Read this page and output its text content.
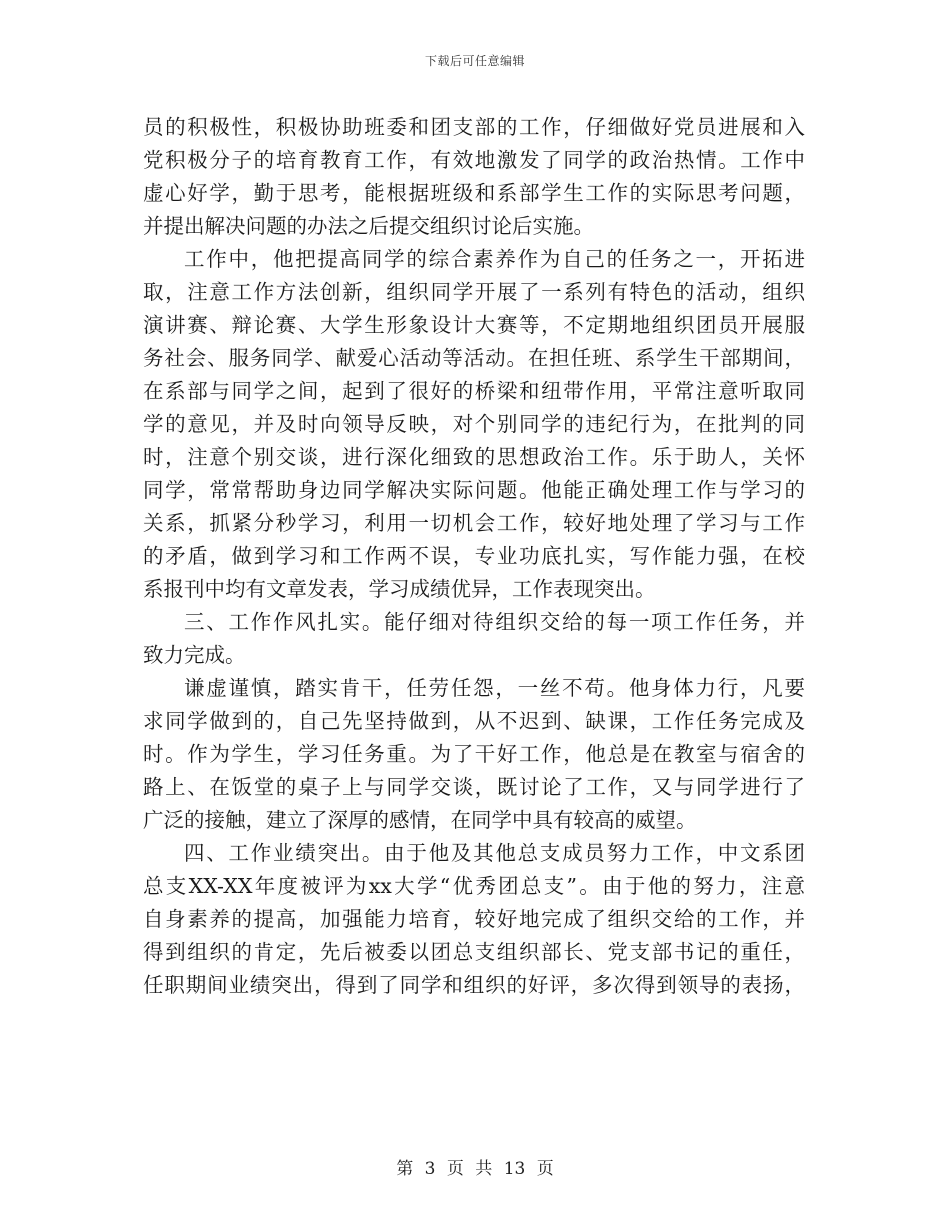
下载后可任意编辑
员的积极性，积极协助班委和团支部的工作，仔细做好党员进展和入
党积极分子的培育教育工作，有效地激发了同学的政治热情。工作中
虚心好学，勤于思考，能根据班级和系部学生工作的实际思考问题，
并提出解决问题的办法之后提交组织讨论后实施。
工作中，他把提高同学的综合素养作为自己的任务之一，开拓进
取，注意工作方法创新，组织同学开展了一系列有特色的活动，组织
演讲赛、辩论赛、大学生形象设计大赛等，不定期地组织团员开展服
务社会、服务同学、献爱心活动等活动。在担任班、系学生干部期间，
在系部与同学之间，起到了很好的桥梁和纽带作用，平常注意听取同
学的意见，并及时向领导反映，对个别同学的违纪行为，在批判的同
时，注意个别交谈，进行深化细致的思想政治工作。乐于助人，关怀
同学，常常帮助身边同学解决实际问题。他能正确处理工作与学习的
关系，抓紧分秒学习，利用一切机会工作，较好地处理了学习与工作
的矛盾，做到学习和工作两不误，专业功底扎实，写作能力强，在校
系报刊中均有文章发表，学习成绩优异，工作表现突出。
三、工作作风扎实。能仔细对待组织交给的每一项工作任务，并
致力完成。
谦虚谨慎，踏实肯干，任劳任怨，一丝不苟。他身体力行，凡要
求同学做到的，自己先坚持做到，从不迟到、缺课，工作任务完成及
时。作为学生，学习任务重。为了干好工作，他总是在教室与宿舍的
路上、在饭堂的桌子上与同学交谈，既讨论了工作，又与同学进行了
广泛的接触，建立了深厚的感情，在同学中具有较高的威望。
四、工作业绩突出。由于他及其他总支成员努力工作，中文系团
总支XX-XX年度被评为xx大学“优秀团总支”。由于他的努力，注意
自身素养的提高，加强能力培育，较好地完成了组织交给的工作，并
得到组织的肯定，先后被委以团总支组织部长、党支部书记的重任，
任职期间业绩突出，得到了同学和组织的好评，多次得到领导的表扬，
第 3 页 共 13 页
